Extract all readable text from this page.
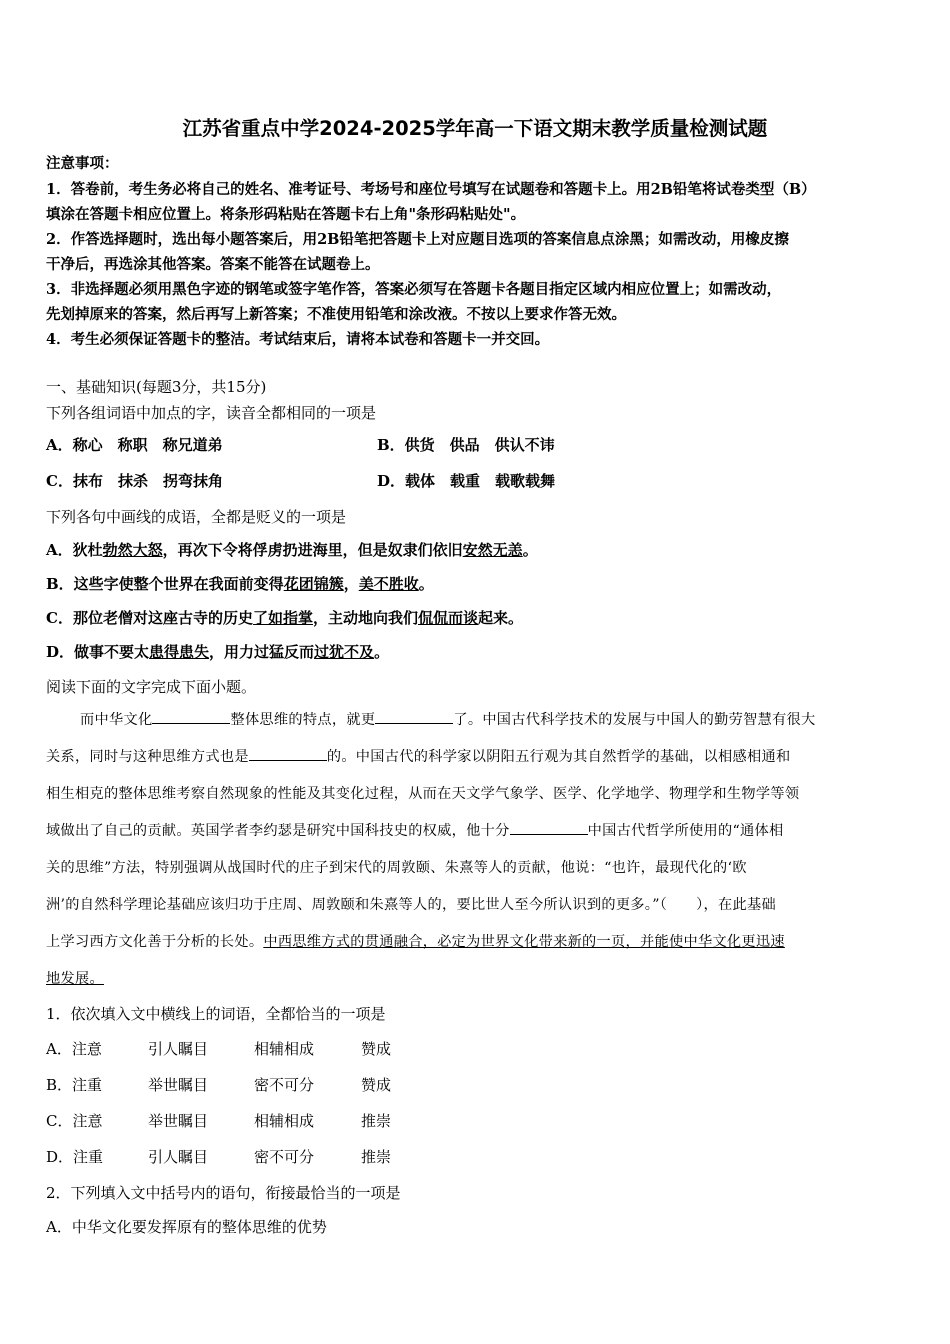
江苏省重点中学2024-2025学年高一下语文期末教学质量检测试题
注意事项：
1．答卷前，考生务必将自己的姓名、准考证号、考场号和座位号填写在试题卷和答题卡上。用2B铅笔将试卷类型（B）
填涂在答题卡相应位置上。将条形码粘贴在答题卡右上角"条形码粘贴处"。
2．作答选择题时，选出每小题答案后，用2B铅笔把答题卡上对应题目选项的答案信息点涂黑；如需改动，用橡皮擦
干净后，再选涂其他答案。答案不能答在试题卷上。
3．非选择题必须用黑色字迹的钢笔或签字笔作答，答案必须写在答题卡各题目指定区域内相应位置上；如需改动，
先划掉原来的答案，然后再写上新答案；不准使用铅笔和涂改液。不按以上要求作答无效。
4．考生必须保证答题卡的整洁。考试结束后，请将本试卷和答题卡一并交回。
一、基础知识(每题3分，共15分)
下列各组词语中加点的字，读音全都相同的一项是
A．称心　称职　称兄道弟	B．供货　供品　供认不讳
C．抹布　抹杀　拐弯抹角	D．载体　载重　载歌载舞
下列各句中画线的成语，全都是贬义的一项是
A．狄杜勃然大怒，再次下令将俘虏扔进海里，但是奴隶们依旧安然无恙。
B．这些字使整个世界在我面前变得花团锦簇，美不胜收。
C．那位老僧对这座古寺的历史了如指掌，主动地向我们侃侃而谈起来。
D．做事不要太患得患失，用力过猛反而过犹不及。
阅读下面的文字完成下面小题。
而中华文化	整体思维的特点，就更	了。中国古代科学技术的发展与中国人的勤劳智慧有很大
关系，同时与这种思维方式也是	的。中国古代的科学家以阴阳五行观为其自然哲学的基础，以相感相通和
相生相克的整体思维考察自然现象的性能及其变化过程，从而在天文学气象学、医学、化学地学、物理学和生物学等领
域做出了自己的贡献。英国学者李约瑟是研究中国科技史的权威，他十分	中国古代哲学所使用的“通体相
关的思维”方法，特别强调从战国时代的庄子到宋代的周敦颐、朱熹等人的贡献，他说：“也许，最现代化的‘欧
洲’的自然科学理论基础应该归功于庄周、周敦颐和朱熹等人的，要比世人至今所认识到的更多。”（　　），在此基础
上学习西方文化善于分析的长处。中西思维方式的贯通融合，必定为世界文化带来新的一页，并能使中华文化更迅速
地发展。
1．依次填入文中横线上的词语，全都恰当的一项是
A．注意	引人瞩目	相辅相成	赞成
B．注重	举世瞩目	密不可分	赞成
C．注意	举世瞩目	相辅相成	推崇
D．注重	引人瞩目	密不可分	推崇
2．下列填入文中括号内的语句，衔接最恰当的一项是
A．中华文化要发挥原有的整体思维的优势
